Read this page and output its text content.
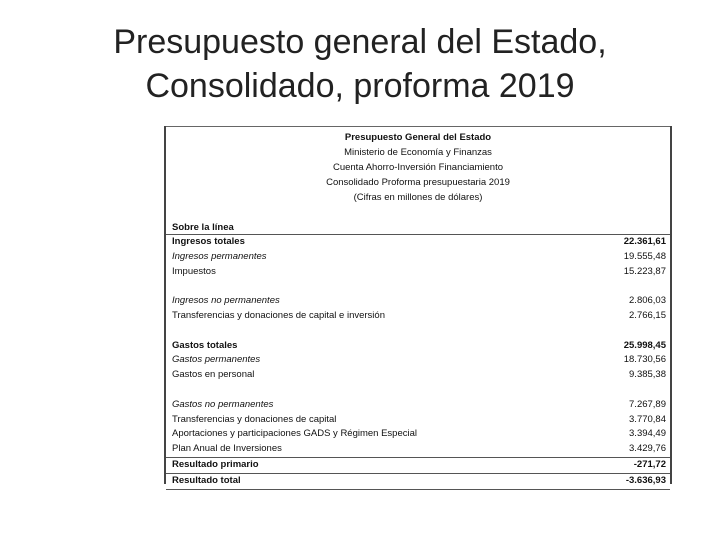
Presupuesto general del Estado,
Consolidado, proforma 2019
Presupuesto General del Estado
Ministerio de Economía y Finanzas
Cuenta Ahorro-Inversión Financiamiento
Consolidado Proforma presupuestaria 2019
(Cifras en millones de dólares)
Sobre la línea
Ingresos totales	22.361,61
Ingresos permanentes	19.555,48
Impuestos	15.223,87
Ingresos no permanentes	2.806,03
Transferencias y donaciones de capital e inversión	2.766,15
Gastos totales	25.998,45
Gastos permanentes	18.730,56
Gastos en personal	9.385,38
Gastos no permanentes	7.267,89
Transferencias y donaciones de capital	3.770,84
Aportaciones y participaciones GADS y Régimen Especial	3.394,49
Plan Anual de Inversiones	3.429,76
Resultado primario	-271,72
Resultado total	-3.636,93
